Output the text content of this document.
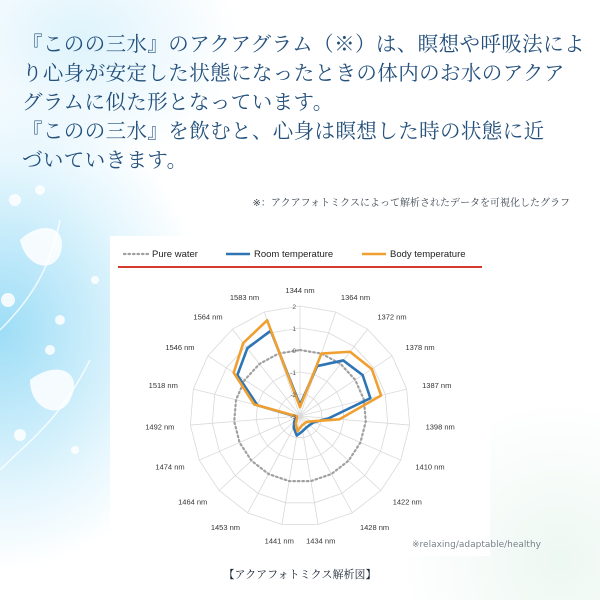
『このの三水』のアクアグラム（※）は、瞑想や呼吸法によ
り心身が安定した状態になったときの体内のお水のアクア
グラムに似た形となっています。
『このの三水』を飲むと、心身は瞑想した時の状態に近
づいていきます。

※：アクアフォトミクスによって解析されたデータを可視化したグラフ

Pure water	Room temperature	Body temperature
1344 nm
1364 nm
1372 nm
1378 nm
1387 nm
1398 nm
1410 nm
1422 nm
1428 nm
1434 nm
1441 nm
1453 nm
1464 nm
1474 nm
1492 nm
1518 nm
1546 nm
1564 nm
1583 nm
2
1
0
-1
-2
-3

※relaxing/adaptable/healthy

【アクアフォトミクス解析図】
